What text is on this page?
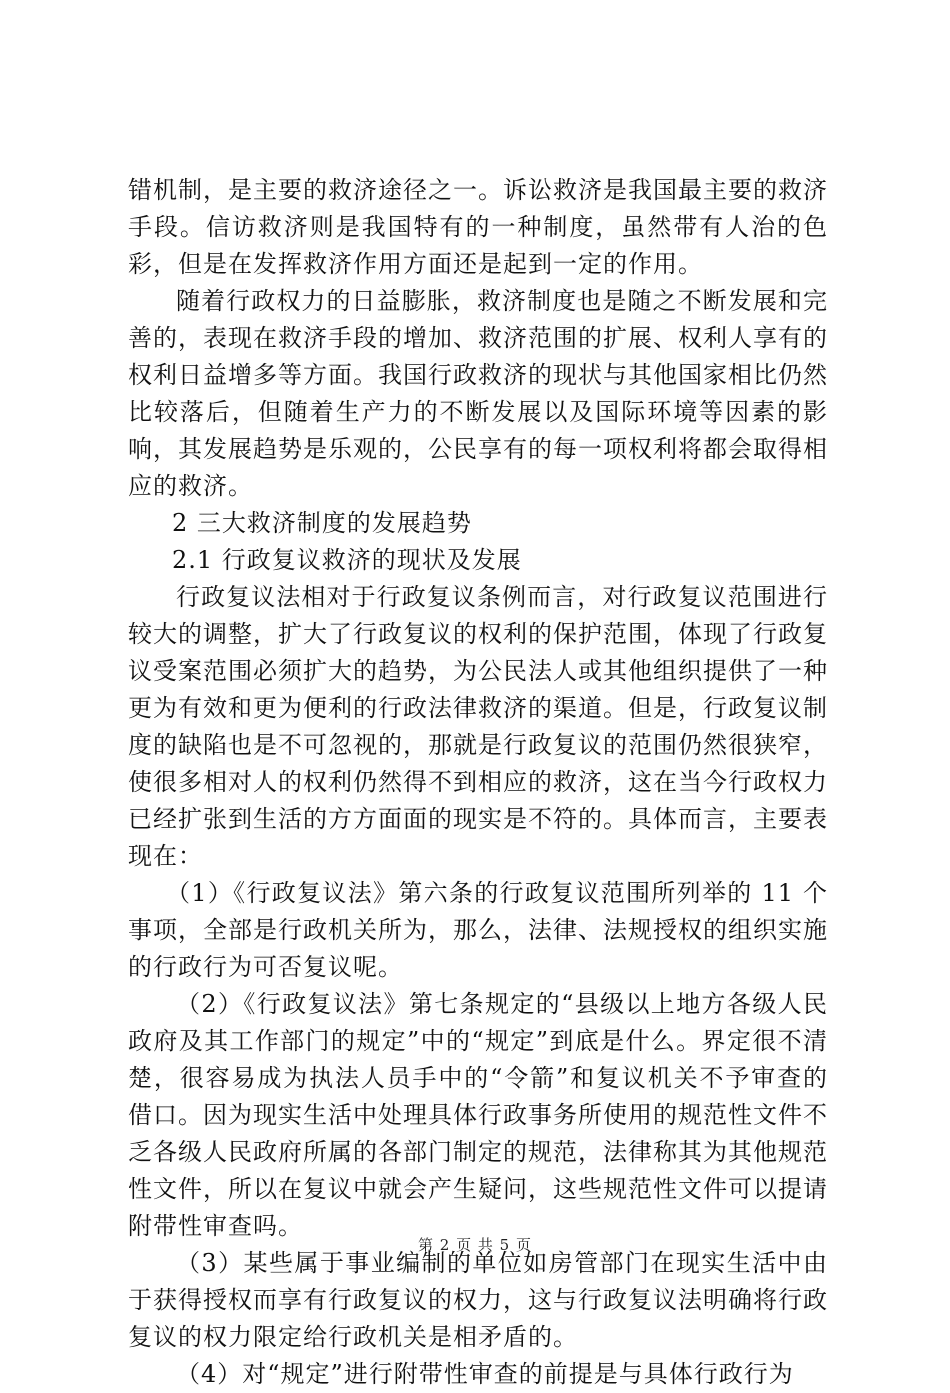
错机制，是主要的救济途径之一。诉讼救济是我国最主要的救济手段。信访救济则是我国特有的一种制度，虽然带有人治的色彩，但是在发挥救济作用方面还是起到一定的作用。

随着行政权力的日益膨胀，救济制度也是随之不断发展和完善的，表现在救济手段的增加、救济范围的扩展、权利人享有的权利日益增多等方面。我国行政救济的现状与其他国家相比仍然比较落后，但随着生产力的不断发展以及国际环境等因素的影响，其发展趋势是乐观的，公民享有的每一项权利将都会取得相应的救济。

2 三大救济制度的发展趋势

2.1 行政复议救济的现状及发展

行政复议法相对于行政复议条例而言，对行政复议范围进行较大的调整，扩大了行政复议的权利的保护范围，体现了行政复议受案范围必须扩大的趋势，为公民法人或其他组织提供了一种更为有效和更为便利的行政法律救济的渠道。但是，行政复议制度的缺陷也是不可忽视的，那就是行政复议的范围仍然很狭窄，使很多相对人的权利仍然得不到相应的救济，这在当今行政权力已经扩张到生活的方方面面的现实是不符的。具体而言，主要表现在：

（1）《行政复议法》第六条的行政复议范围所列举的 11 个事项，全部是行政机关所为，那么，法律、法规授权的组织实施的行政行为可否复议呢。

（2）《行政复议法》第七条规定的“县级以上地方各级人民政府及其工作部门的规定”中的“规定”到底是什么。界定很不清楚，很容易成为执法人员手中的“令箭”和复议机关不予审查的借口。因为现实生活中处理具体行政事务所使用的规范性文件不乏各级人民政府所属的各部门制定的规范，法律称其为其他规范性文件，所以在复议中就会产生疑问，这些规范性文件可以提请附带性审查吗。

（3）某些属于事业编制的单位如房管部门在现实生活中由于获得授权而享有行政复议的权力，这与行政复议法明确将行政复议的权力限定给行政机关是相矛盾的。

（4）对“规定”进行附带性审查的前提是与具体行政行为

第 2 页 共 5 页
